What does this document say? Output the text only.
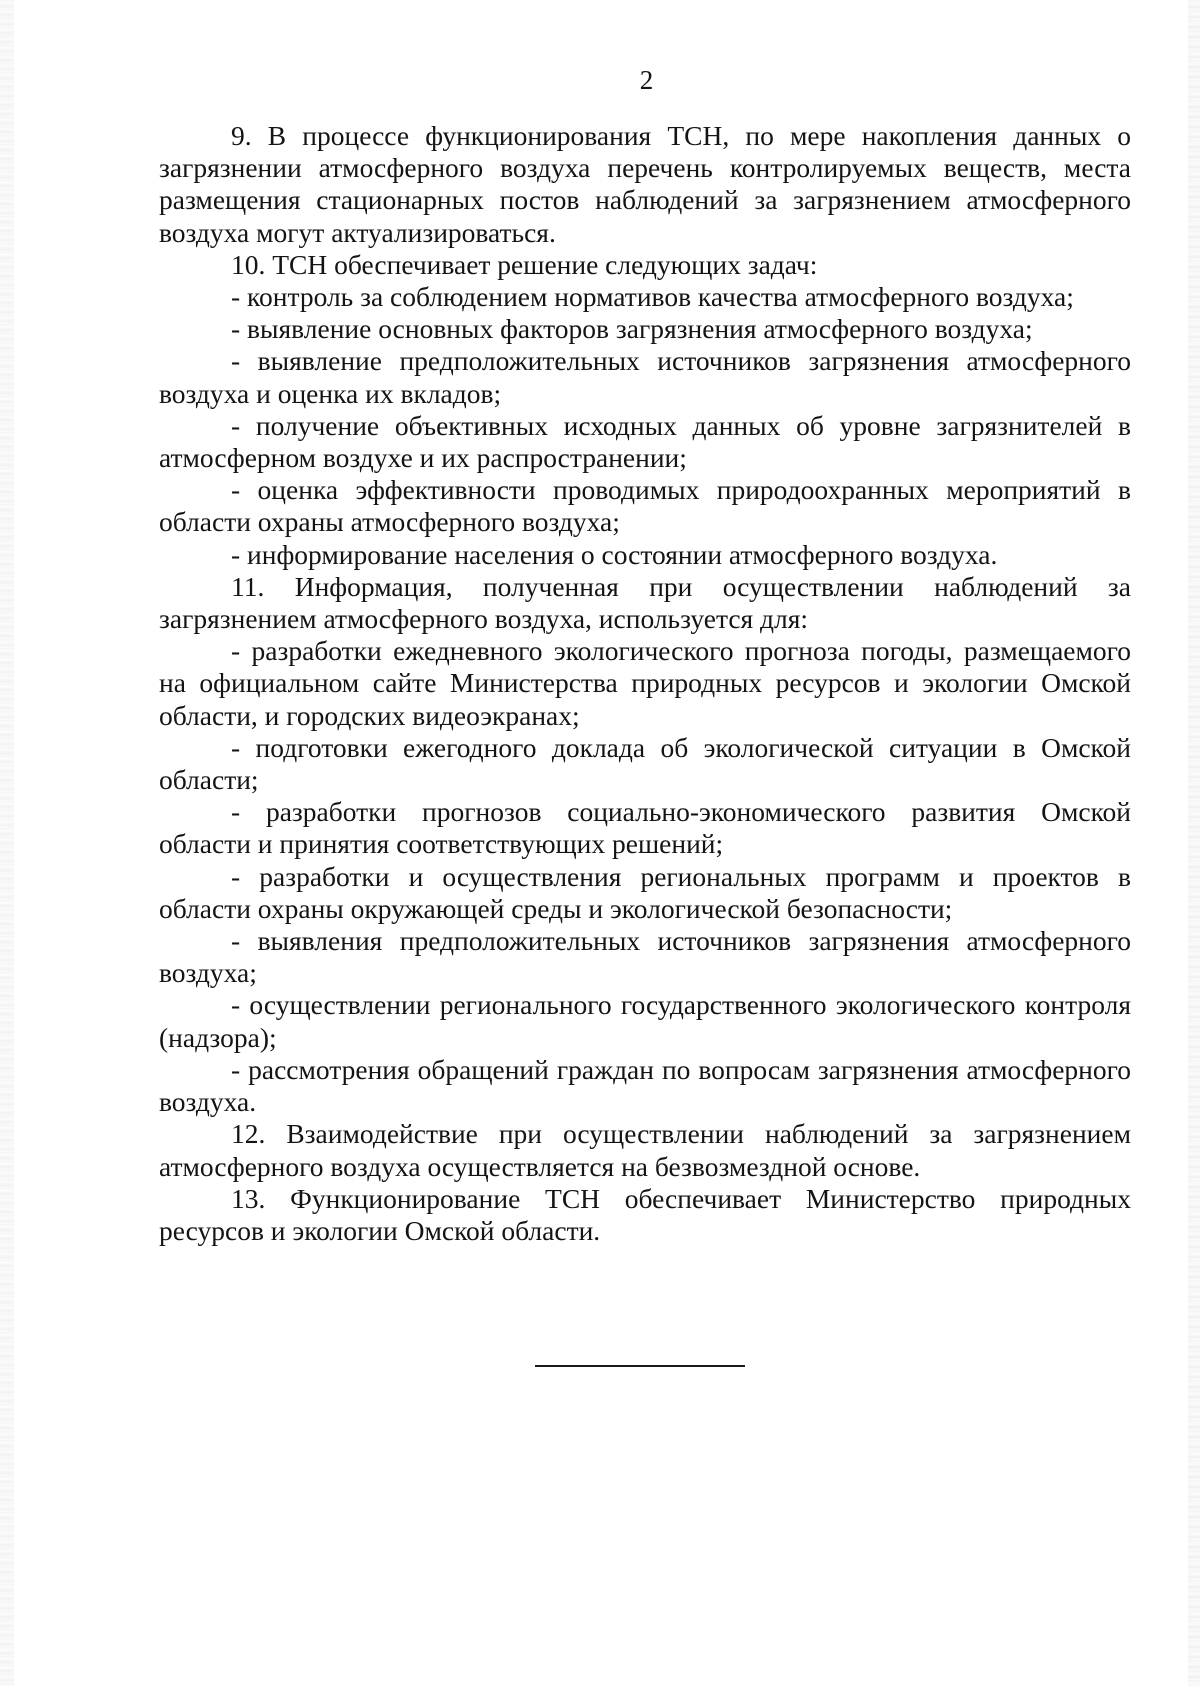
2

9. В процессе функционирования ТСН, по мере накопления данных о загрязнении атмосферного воздуха перечень контролируемых веществ, места размещения стационарных постов наблюдений за загрязнением атмосферного воздуха могут актуализироваться.

10. ТСН обеспечивает решение следующих задач:

- контроль за соблюдением нормативов качества атмосферного воздуха;

- выявление основных факторов загрязнения атмосферного воздуха;

- выявление предположительных источников загрязнения атмосферного воздуха и оценка их вкладов;

- получение объективных исходных данных об уровне загрязнителей в атмосферном воздухе и их распространении;

- оценка эффективности проводимых природоохранных мероприятий в области охраны атмосферного воздуха;

- информирование населения о состоянии атмосферного воздуха.

11. Информация, полученная при осуществлении наблюдений за загрязнением атмосферного воздуха, используется для:

- разработки ежедневного экологического прогноза погоды, размещаемого на официальном сайте Министерства природных ресурсов и экологии Омской области, и городских видеоэкранах;

- подготовки ежегодного доклада об экологической ситуации в Омской области;

- разработки прогнозов социально-экономического развития Омской области и принятия соответствующих решений;

- разработки и осуществления региональных программ и проектов в области охраны окружающей среды и экологической безопасности;

- выявления предположительных источников загрязнения атмосферного воздуха;

- осуществлении регионального государственного экологического контроля (надзора);

- рассмотрения обращений граждан по вопросам загрязнения атмосферного воздуха.

12. Взаимодействие при осуществлении наблюдений за загрязнением атмосферного воздуха осуществляется на безвозмездной основе.

13. Функционирование ТСН обеспечивает Министерство природных ресурсов и экологии Омской области.
